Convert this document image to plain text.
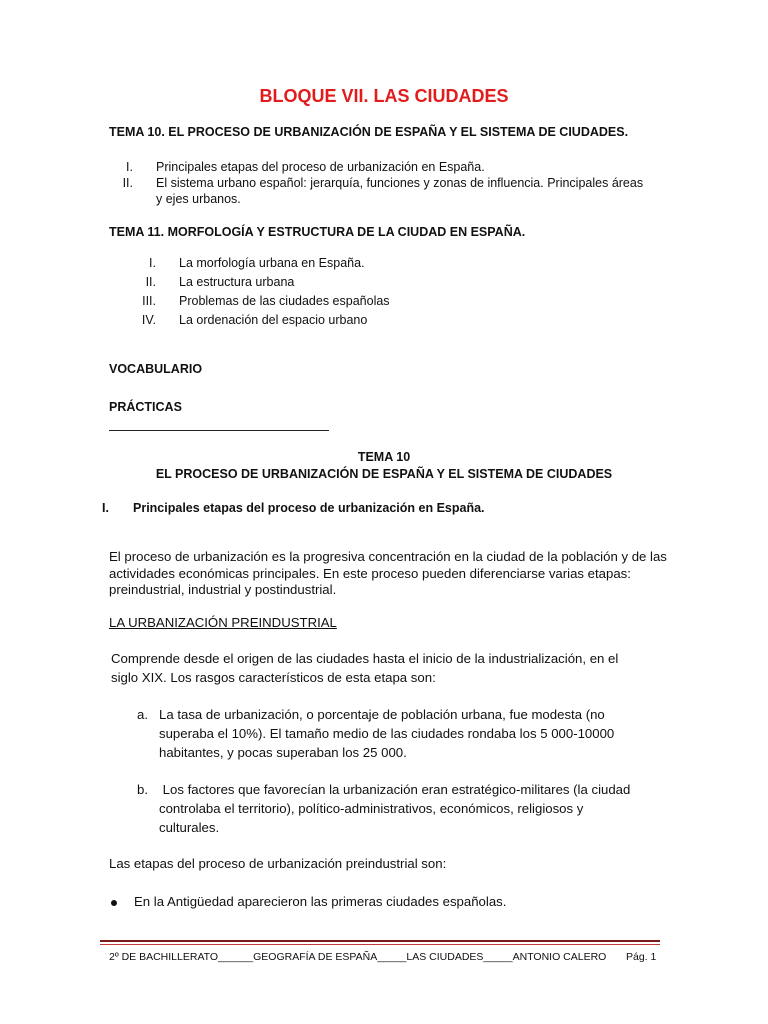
BLOQUE VII. LAS CIUDADES
TEMA 10. EL PROCESO DE URBANIZACIÓN DE ESPAÑA Y EL SISTEMA DE CIUDADES.
I. Principales etapas del proceso de urbanización en España.
II. El sistema urbano español: jerarquía, funciones y zonas de influencia. Principales áreas
y ejes urbanos.
TEMA 11. MORFOLOGÍA Y ESTRUCTURA DE LA CIUDAD EN ESPAÑA.
I. La morfología urbana en España.
II. La estructura urbana
III. Problemas de las ciudades españolas
IV. La ordenación del espacio urbano
VOCABULARIO
PRÁCTICAS
TEMA 10
EL PROCESO DE URBANIZACIÓN DE ESPAÑA Y EL SISTEMA DE CIUDADES
I. Principales etapas del proceso de urbanización en España.
El proceso de urbanización es la progresiva concentración en la ciudad de la población y de las
actividades económicas principales. En este proceso pueden diferenciarse varias etapas:
preindustrial, industrial y postindustrial.
LA URBANIZACIÓN PREINDUSTRIAL
Comprende desde el origen de las ciudades hasta el inicio de la industrialización, en el
siglo XIX. Los rasgos característicos de esta etapa son:
a. La tasa de urbanización, o porcentaje de población urbana, fue modesta (no
superaba el 10%). El tamaño medio de las ciudades rondaba los 5 000-10000
habitantes, y pocas superaban los 25 000.
b. Los factores que favorecían la urbanización eran estratégico-militares (la ciudad
controlaba el territorio), político-administrativos, económicos, religiosos y
culturales.
Las etapas del proceso de urbanización preindustrial son:
En la Antigüedad aparecieron las primeras ciudades españolas.
2º DE BACHILLERATO______GEOGRAFÍA DE ESPAÑA_____LAS CIUDADES_____ANTONIO CALERO Pág. 1
